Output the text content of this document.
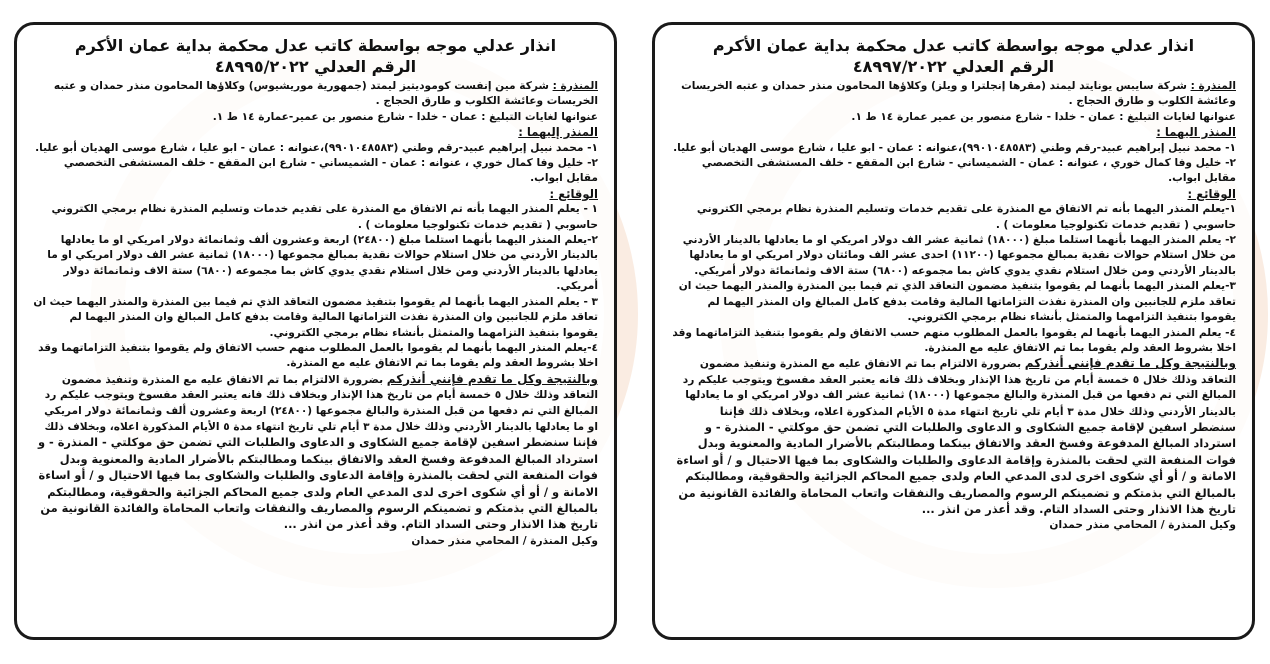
انذار عدلي موجه بواسطة كاتب عدل محكمة بداية عمان الأكرم

الرقم العدلي ٤٨٩٩٧/٢٠٢٢

المنذرة : شركة سايبس يونايتد ليمتد (مقرها إنجلترا و ويلز) وكلاؤها المحامون منذر حمدان و عتبه الخريسات وعائشة الكلوب و طارق الحجاج .

عنوانها لغايات التبليغ : عمان - خلدا - شارع منصور بن عمير عمارة ١٤ ط ١.

المنذر اليهما :

١- محمد نبيل إبراهيم عبيد-رقم وطني (٩٩٠١٠٤٨٥٨٣)،عنوانه : عمان - ابو عليا ، شارع موسى الهديان أبو عليا.

٢- خليل وفا كمال خوري ، عنوانه : عمان - الشميساني - شارع ابن المقفع - خلف المستشفى التخصصي مقابل ابواب.

الوقائع :

١-يعلم المنذر اليهما بأنه تم الاتفاق مع المنذرة على تقديم خدمات وتسليم المنذرة نظام برمجي الكتروني حاسوبي ( تقديم خدمات تكنولوجيا معلومات ) .

٢- يعلم المنذر اليهما بأنهما استلما مبلغ (١٨٠٠٠) ثمانية عشر الف دولار امريكي او ما يعادلها بالدينار الأردني من خلال استلام حوالات نقدية بمبالغ مجموعها (١١٢٠٠) احدى عشر الف ومائتان دولار امريكي او ما يعادلها بالدينار الأردني ومن خلال استلام نقدي يدوي كاش بما مجموعه (٦٨٠٠) ستة الاف وثمانمائة دولار أمريكي.

٣-يعلم المنذر اليهما بأنهما لم يقوموا بتنفيذ مضمون التعاقد الذي تم فيما بين المنذرة والمنذر اليهما حيث ان تعاقد ملزم للجانبين وان المنذرة نفذت التزاماتها المالية وقامت بدفع كامل المبالغ وان المنذر اليهما لم يقوموا بتنفيذ التزامهما والمتمثل بأنشاء نظام برمجي الكتروني.

٤- يعلم المنذر اليهما بأنهما لم يقوموا بالعمل المطلوب منهم حسب الاتفاق ولم يقوموا بتنفيذ التزاماتهما وقد اخلا بشروط العقد ولم يقوما بما تم الاتفاق عليه مع المنذرة.

وبالنتيجة وكل ما تقدم فإنني أنذركم بضرورة الالتزام بما تم الاتفاق عليه مع المنذرة وتنفيذ مضمون التعاقد وذلك خلال ٥ خمسة أيام من تاريخ هذا الإنذار وبخلاف ذلك فانه يعتبر العقد مفسوخ ويتوجب عليكم رد المبالغ التي تم دفعها من قبل المنذرة والبالغ مجموعها (١٨٠٠٠) ثمانية عشر الف دولار امريكي او ما يعادلها بالدينار الأردني وذلك خلال مدة ٣ أيام تلي تاريخ انتهاء مدة ٥ الأيام المذكورة اعلاه، وبخلاف ذلك فإننا سنضطر اسفين لإقامة جميع الشكاوى و الدعاوى والطلبات التي تضمن حق موكلتي - المنذرة - و استرداد المبالغ المدفوعة وفسخ العقد والاتفاق بينكما ومطالبتكم بالأضرار المادية والمعنوية وبدل فوات المنفعة التي لحقت بالمنذرة وإقامة الدعاوى والطلبات والشكاوى بما فيها الاحتيال و / أو اساءة الامانة و / أو أي شكوى اخرى لدى المدعي العام ولدى جميع المحاكم الجزائية والحقوقية، ومطالبتكم بالمبالغ التي بذمتكم و تضمينكم الرسوم والمصاريف والنفقات واتعاب المحاماة والفائدة القانونية من تاريخ هذا الانذار وحتى السداد التام. وقد أعذر من انذر ...

وكيل المنذرة / المحامي منذر حمدان

انذار عدلي موجه بواسطة كاتب عدل محكمة بداية عمان الأكرم

الرقم العدلي ٤٨٩٩٥/٢٠٢٢

المنذرة : شركة مين إنفست كوموديتيز ليمتد (جمهورية موريشيوس) وكلاؤها المحامون منذر حمدان و عتبه الخريسات وعائشة الكلوب و طارق الحجاج .

عنوانها لغايات التبليغ : عمان - خلدا - شارع منصور بن عمير-عمارة ١٤ ط ١.

المنذر إليهما :

١- محمد نبيل إبراهيم عبيد-رقم وطني (٩٩٠١٠٤٨٥٨٣)،عنوانه : عمان - ابو عليا ، شارع موسى الهديان أبو عليا.

٢- خليل وفا كمال خوري ، عنوانه : عمان - الشميساني - شارع ابن المقفع - خلف المستشفى التخصصي مقابل ابواب.

الوقائع :

١ - يعلم المنذر اليهما بأنه تم الاتفاق مع المنذرة على تقديم خدمات وتسليم المنذرة نظام برمجي الكتروني حاسوبي ( تقديم خدمات تكنولوجيا معلومات ) .

٢-يعلم المنذر اليهما بأنهما استلما مبلغ (٢٤٨٠٠) اربعة وعشرون ألف وثمانمائة دولار امريكي او ما يعادلها بالدينار الأردني من خلال استلام حوالات نقدية بمبالغ مجموعها (١٨٠٠٠) ثمانية عشر الف دولار امريكي او ما يعادلها بالدينار الأردني ومن خلال استلام نقدي يدوي كاش بما مجموعه (٦٨٠٠) ستة الاف وثمانمائة دولار أمريكي.

٣ - يعلم المنذر اليهما بأنهما لم يقوموا بتنفيذ مضمون التعاقد الذي تم فيما بين المنذرة والمنذر اليهما حيث ان تعاقد ملزم للجانبين وان المنذرة نفذت التزاماتها المالية وقامت بدفع كامل المبالغ وان المنذر اليهما لم يقوموا بتنفيذ التزامهما والمتمثل بأنشاء نظام برمجي الكتروني.

٤-يعلم المنذر اليهما بأنهما لم يقوموا بالعمل المطلوب منهم حسب الاتفاق ولم يقوموا بتنفيذ التزاماتهما وقد اخلا بشروط العقد ولم يقوما بما تم الاتفاق عليه مع المنذرة.

وبالنتيجة وكل ما تقدم فإنني أنذركم بضرورة الالتزام بما تم الاتفاق عليه مع المنذرة وتنفيذ مضمون التعاقد وذلك خلال ٥ خمسة أيام من تاريخ هذا الإنذار وبخلاف ذلك فانه يعتبر العقد مفسوخ ويتوجب عليكم رد المبالغ التي تم دفعها من قبل المنذرة والبالغ مجموعها (٢٤٨٠٠) اربعة وعشرون ألف وثمانمائة دولار امريكي او ما يعادلها بالدينار الأردني وذلك خلال مدة ٣ أيام تلي تاريخ انتهاء مدة ٥ الأيام المذكورة اعلاه، وبخلاف ذلك فإننا سنضطر اسفين لإقامة جميع الشكاوى و الدعاوى والطلبات التي تضمن حق موكلتي - المنذرة - و استرداد المبالغ المدفوعة وفسخ العقد والاتفاق بينكما ومطالبتكم بالأضرار المادية والمعنوية وبدل فوات المنفعة التي لحقت بالمنذرة وإقامة الدعاوى والطلبات والشكاوى بما فيها الاحتيال و / أو اساءة الامانة و / أو أي شكوى اخرى لدى المدعي العام ولدى جميع المحاكم الجزائية والحقوقية، ومطالبتكم بالمبالغ التي بذمتكم و تضمينكم الرسوم والمصاريف والنفقات واتعاب المحاماة والفائدة القانونية من تاريخ هذا الانذار وحتى السداد التام. وقد أعذر من انذر ...

وكيل المنذرة / المحامي منذر حمدان
